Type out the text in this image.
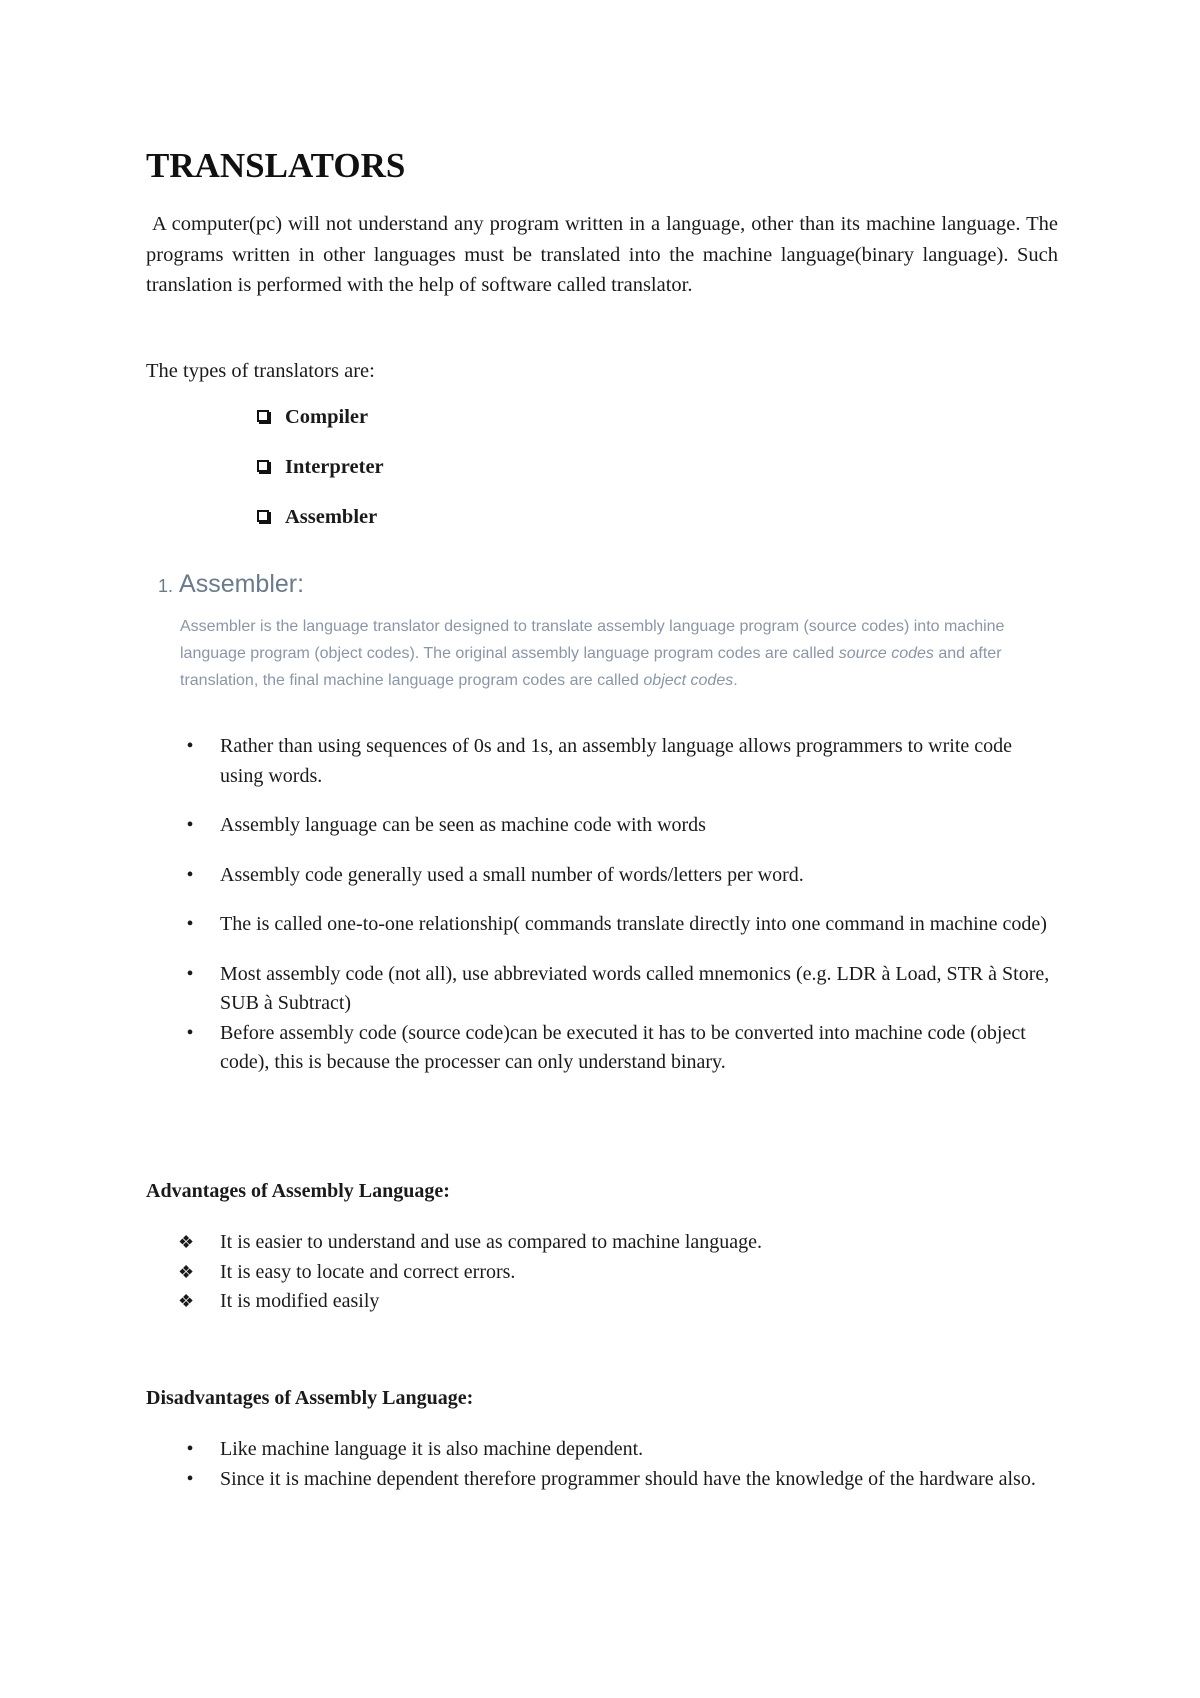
TRANSLATORS

A computer(pc) will not understand any program written in a language, other than its machine language. The programs written in other languages must be translated into the machine language(binary language). Such translation is performed with the help of software called translator.

The types of translators are:

Compiler
Interpreter
Assembler
1. Assembler:
Assembler is the language translator designed to translate assembly language program (source codes) into machine language program (object codes). The original assembly language program codes are called source codes and after translation, the final machine language program codes are called object codes.
•	Rather than using sequences of 0s and 1s, an assembly language allows programmers to write code using words.
•	Assembly language can be seen as machine code with words
•	Assembly code generally used a small number of words/letters per word.
•	The is called one-to-one relationship( commands translate directly into one command in machine code)
•	Most assembly code (not all), use abbreviated words called mnemonics (e.g. LDR à Load, STR à Store, SUB à Subtract)
•	Before assembly code (source code)can be executed it has to be converted into machine code (object code), this is because the processer can only understand binary.
Advantages of Assembly Language:
❖ It is easier to understand and use as compared to machine language.
❖ It is easy to locate and correct errors.
❖ It is modified easily
Disadvantages of Assembly Language:
•	Like machine language it is also machine dependent.
•	Since it is machine dependent therefore programmer should have the knowledge of the hardware also.
